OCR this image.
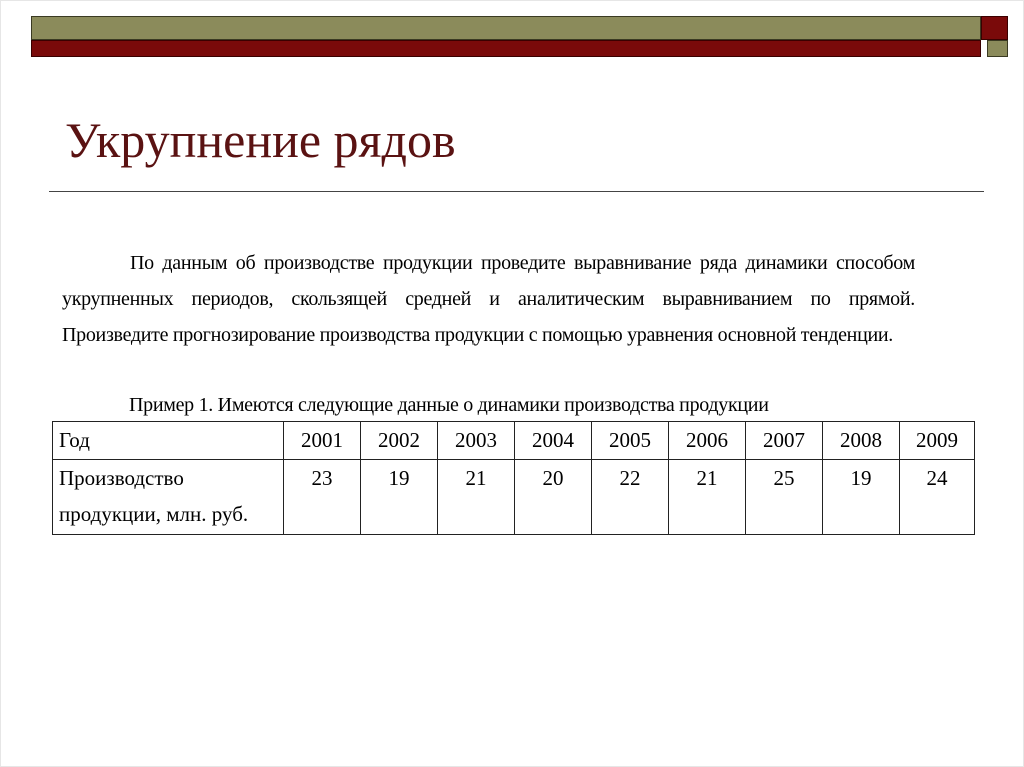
Укрупнение рядов

По данным об производстве продукции проведите выравнивание ряда динамики способом укрупненных периодов, скользящей средней и аналитическим выравниванием по прямой. Произведите прогнозирование производства продукции с помощью уравнения основной тенденции.

Пример 1. Имеются следующие данные о динамики производства продукции

Год	2001	2002	2003	2004	2005	2006	2007	2008	2009

Производство
продукции, млн. руб.	23	19	21	20	22	21	25	19	24
